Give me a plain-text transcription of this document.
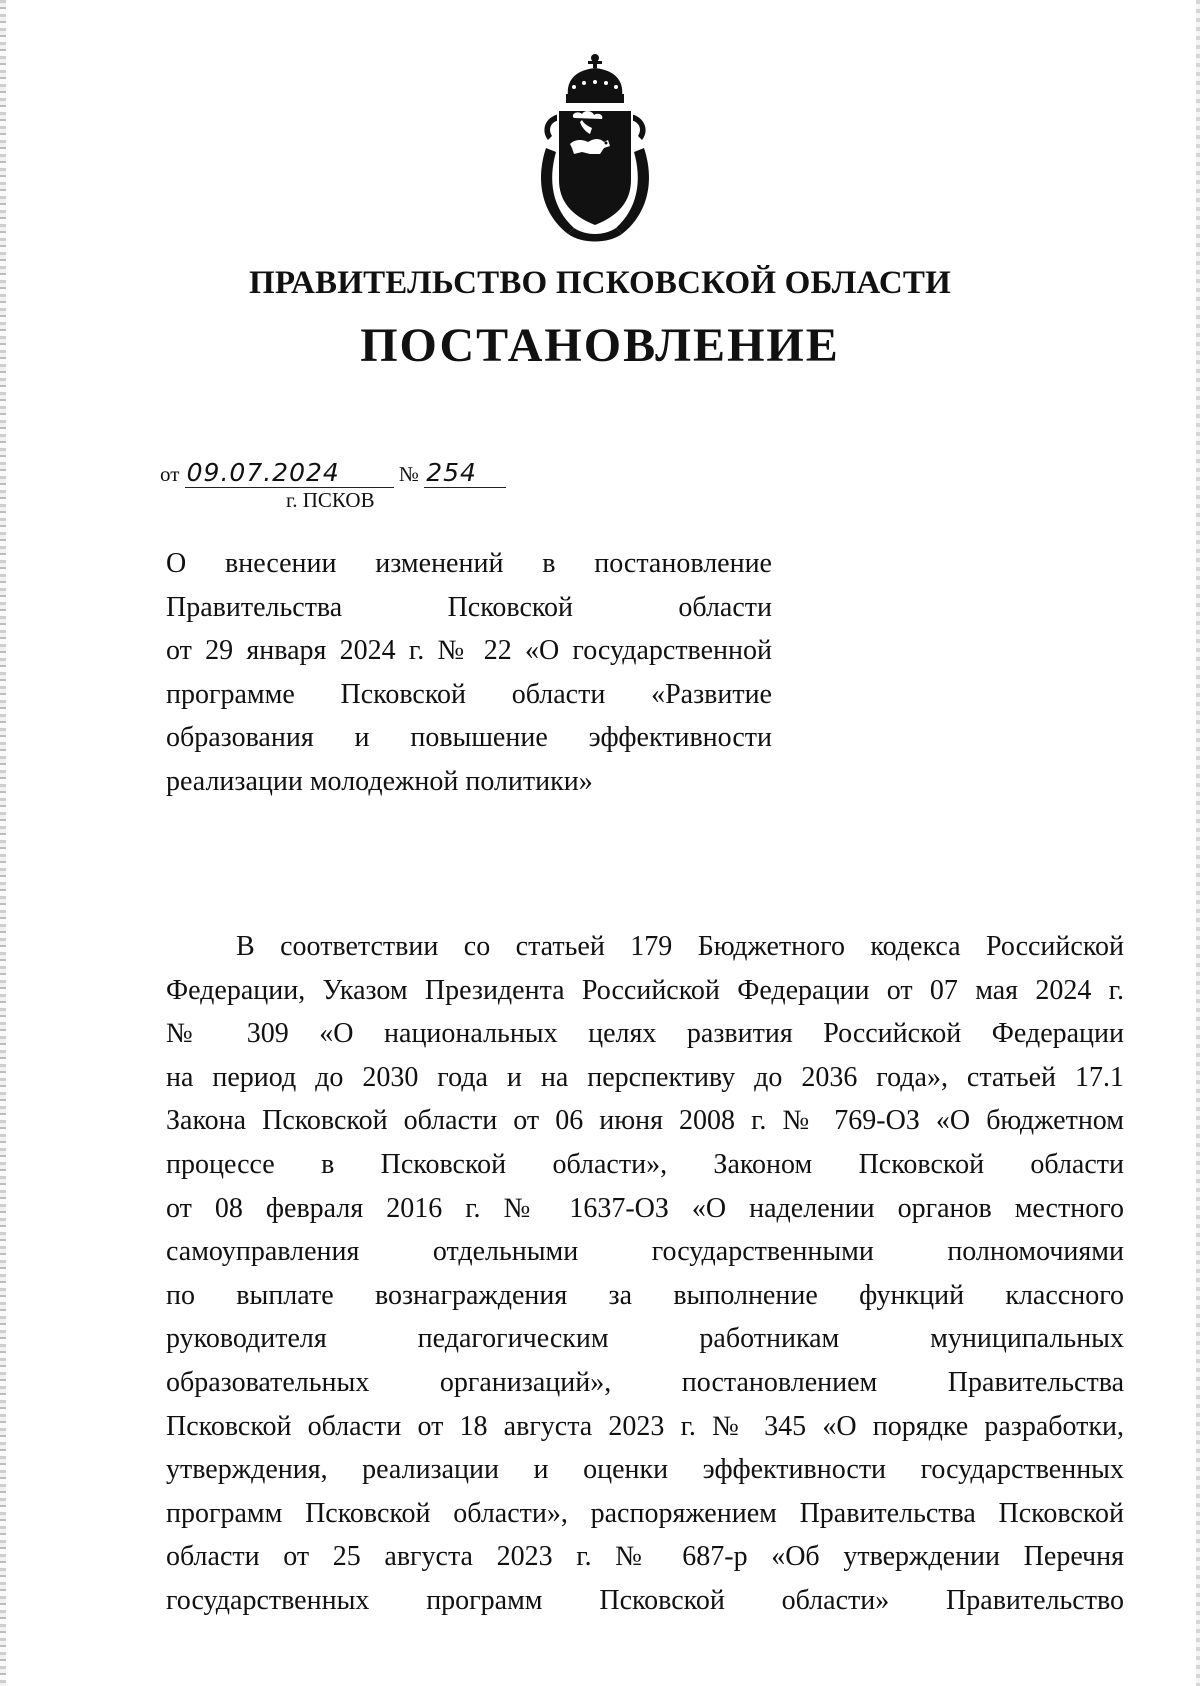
ПРАВИТЕЛЬСТВО ПСКОВСКОЙ ОБЛАСТИ
ПОСТАНОВЛЕНИЕ
от 09.07.2024	№ 254
г. ПСКОВ
О внесении изменений в постановление
Правительства Псковской области
от 29 января 2024 г. № 22 «О государственной
программе Псковской области «Развитие
образования и повышение эффективности
реализации молодежной политики»
В соответствии со статьей 179 Бюджетного кодекса Российской
Федерации, Указом Президента Российской Федерации от 07 мая 2024 г.
№ 309 «О национальных целях развития Российской Федерации
на период до 2030 года и на перспективу до 2036 года», статьей 17.1
Закона Псковской области от 06 июня 2008 г. № 769-ОЗ «О бюджетном
процессе в Псковской области», Законом Псковской области
от 08 февраля 2016 г. № 1637-ОЗ «О наделении органов местного
самоуправления отдельными государственными полномочиями
по выплате вознаграждения за выполнение функций классного
руководителя педагогическим работникам муниципальных
образовательных организаций», постановлением Правительства
Псковской области от 18 августа 2023 г. № 345 «О порядке разработки,
утверждения, реализации и оценки эффективности государственных
программ Псковской области», распоряжением Правительства Псковской
области от 25 августа 2023 г. № 687-р «Об утверждении Перечня
государственных программ Псковской области» Правительство
